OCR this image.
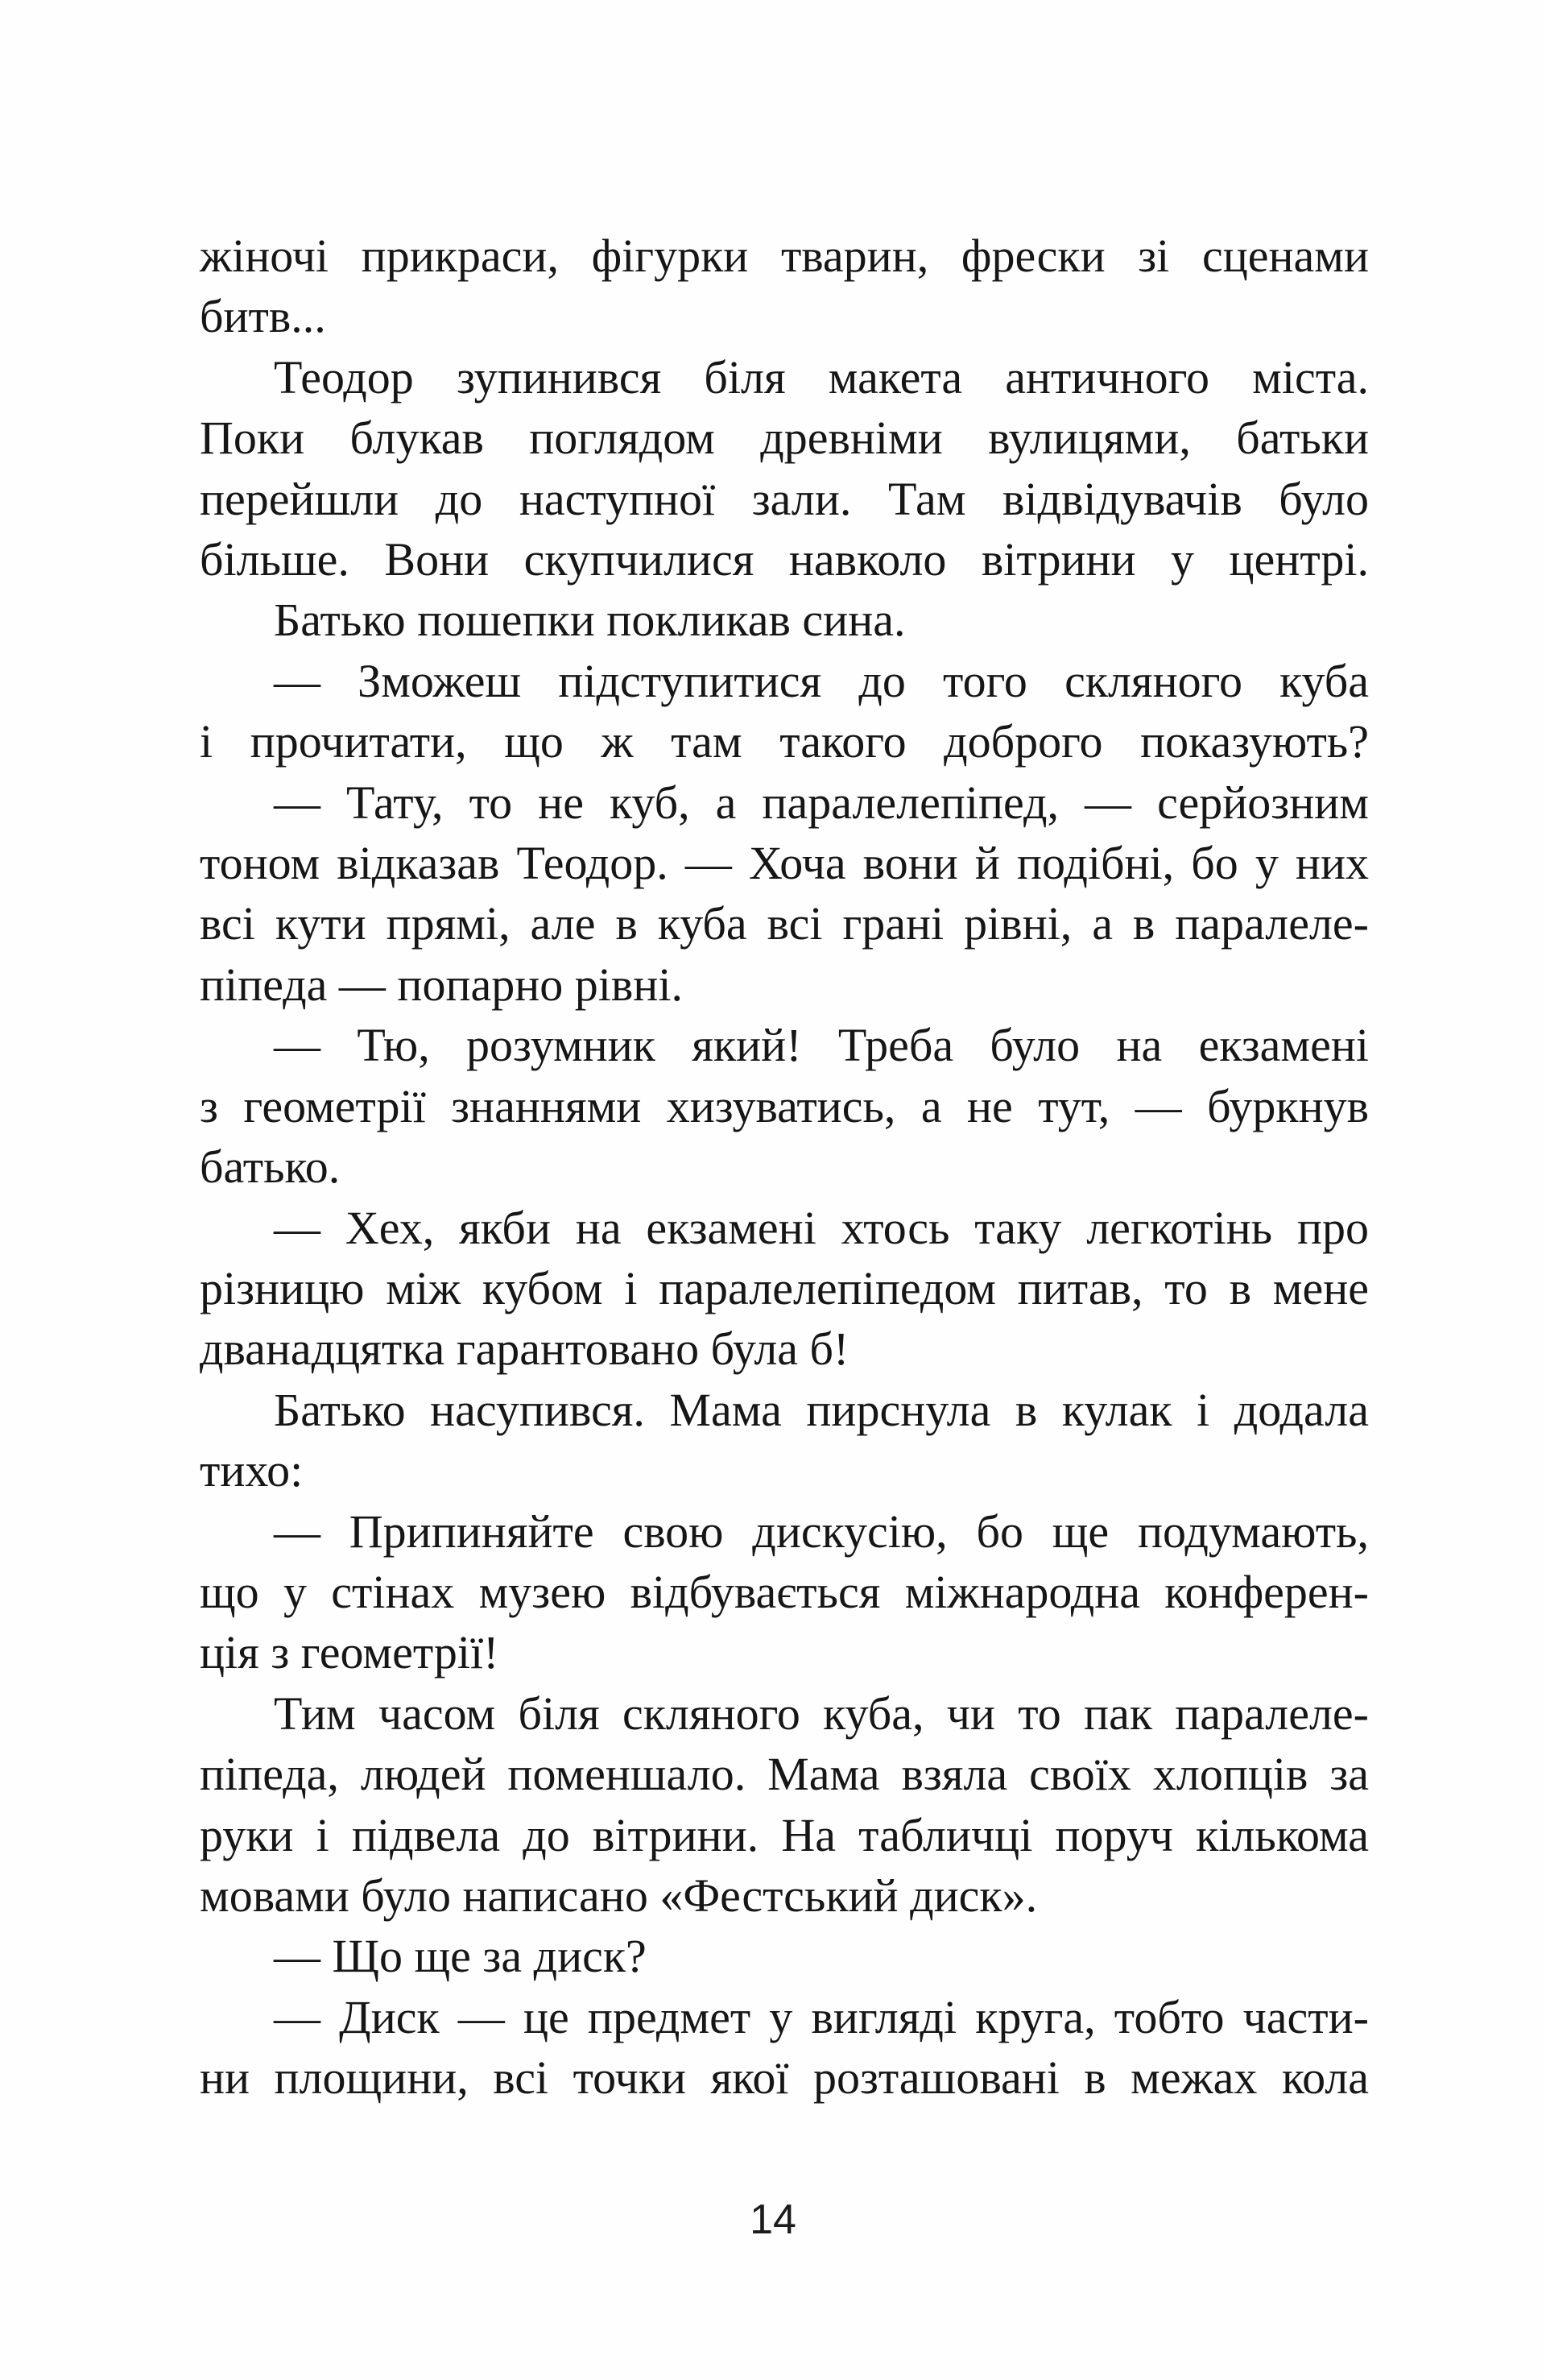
жіночі прикраси, фігурки тварин, фрески зі сценами
битв...
Теодор зупинився біля макета античного міста.
Поки блукав поглядом древніми вулицями, батьки
перейшли до наступної зали. Там відвідувачів було
більше. Вони скупчилися навколо вітрини у центрі.
Батько пошепки покликав сина.
— Зможеш підступитися до того скляного куба
і прочитати, що ж там такого доброго показують?
— Тату, то не куб, а паралелепіпед, — серйозним
тоном відказав Теодор. — Хоча вони й подібні, бо у них
всі кути прямі, але в куба всі грані рівні, а в паралеле-
піпеда — попарно рівні.
— Тю, розумник який! Треба було на екзамені
з геометрії знаннями хизуватись, а не тут, — буркнув
батько.
— Хех, якби на екзамені хтось таку легкотінь про
різницю між кубом і паралелепіпедом питав, то в мене
дванадцятка гарантовано була б!
Батько насупився. Мама пирснула в кулак і додала
тихо:
— Припиняйте свою дискусію, бо ще подумають,
що у стінах музею відбувається міжнародна конферен-
ція з геометрії!
Тим часом біля скляного куба, чи то пак паралеле-
піпеда, людей поменшало. Мама взяла своїх хлопців за
руки і підвела до вітрини. На табличці поруч кількома
мовами було написано «Фестський диск».
— Що ще за диск?
— Диск — це предмет у вигляді круга, тобто части-
ни площини, всі точки якої розташовані в межах кола
14
